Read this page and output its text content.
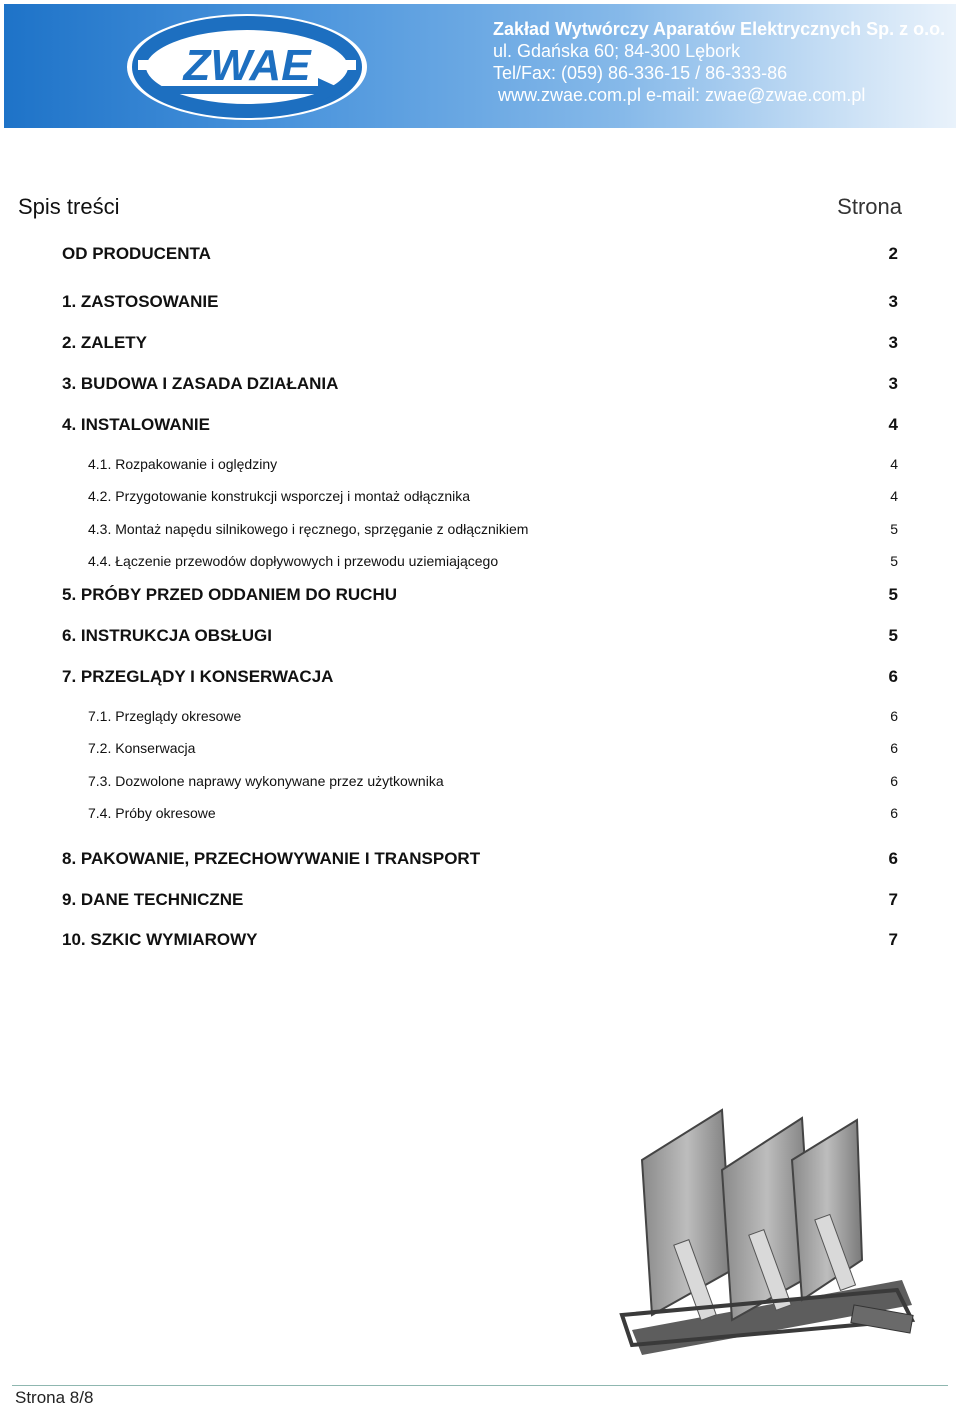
ZWAE
Zakład Wytwórczy Aparatów Elektrycznych Sp. z o.o.
ul. Gdańska 60; 84-300 Lębork
Tel/Fax: (059) 86-336-15 / 86-333-86
www.zwae.com.pl e-mail: zwae@zwae.com.pl
Spis treści	Strona
OD PRODUCENTA	2
1. ZASTOSOWANIE	3
2. ZALETY	3
3. BUDOWA I ZASADA DZIAŁANIA	3
4. INSTALOWANIE	4
4.1. Rozpakowanie i oględziny	4
4.2. Przygotowanie konstrukcji wsporczej i montaż odłącznika	4
4.3. Montaż napędu silnikowego i ręcznego, sprzęganie z odłącznikiem	5
4.4. Łączenie przewodów dopływowych i przewodu uziemiającego	5
5. PRÓBY PRZED ODDANIEM DO RUCHU	5
6. INSTRUKCJA OBSŁUGI	5
7. PRZEGLĄDY I KONSERWACJA	6
7.1. Przeglądy okresowe	6
7.2. Konserwacja	6
7.3. Dozwolone naprawy wykonywane przez użytkownika	6
7.4. Próby okresowe	6
8. PAKOWANIE, PRZECHOWYWANIE I TRANSPORT	6
9. DANE TECHNICZNE	7
10. SZKIC WYMIAROWY	7
Strona 8/8
